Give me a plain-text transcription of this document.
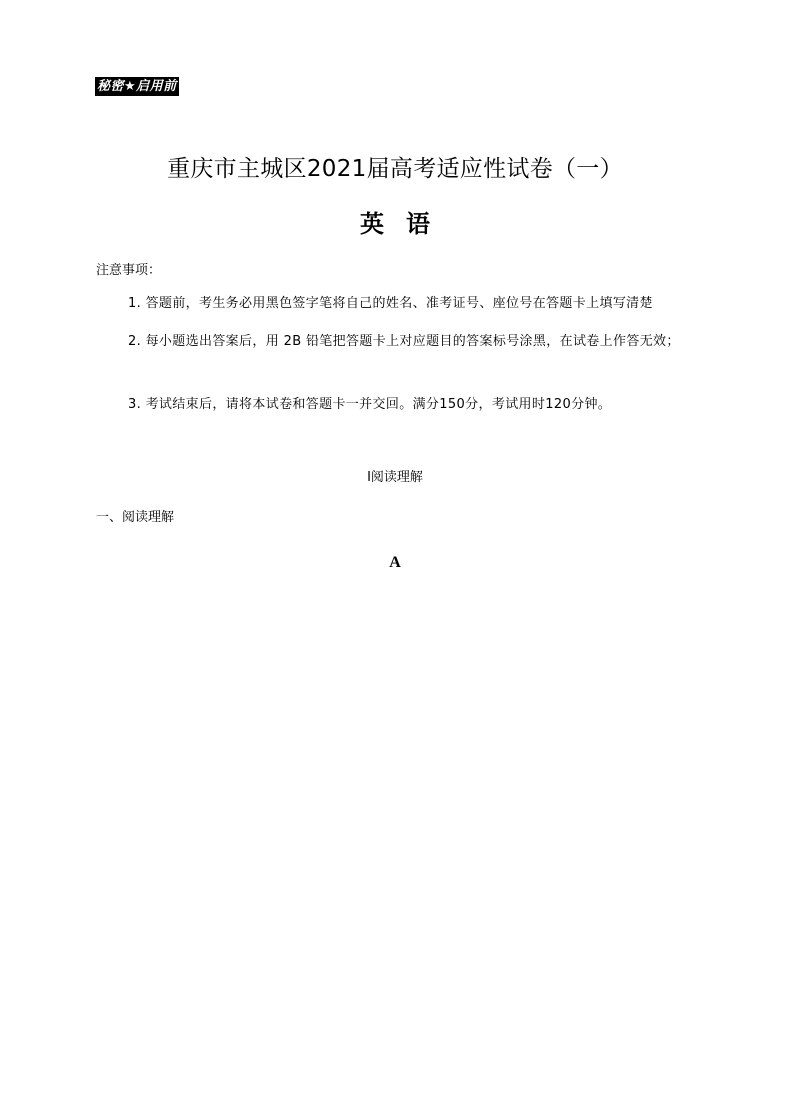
秘密★启用前
重庆市主城区2021届高考适应性试卷（一）
英语
注意事项：
1. 答题前，考生务必用黑色签字笔将自己的姓名、准考证号、座位号在答题卡上填写清楚
2. 每小题选出答案后，用 2B 铅笔把答题卡上对应题目的答案标号涂黑，在试卷上作答无效；
3. 考试结束后，请将本试卷和答题卡一并交回。满分150分，考试用时120分钟。
Ⅰ阅读理解
一、阅读理解
A
